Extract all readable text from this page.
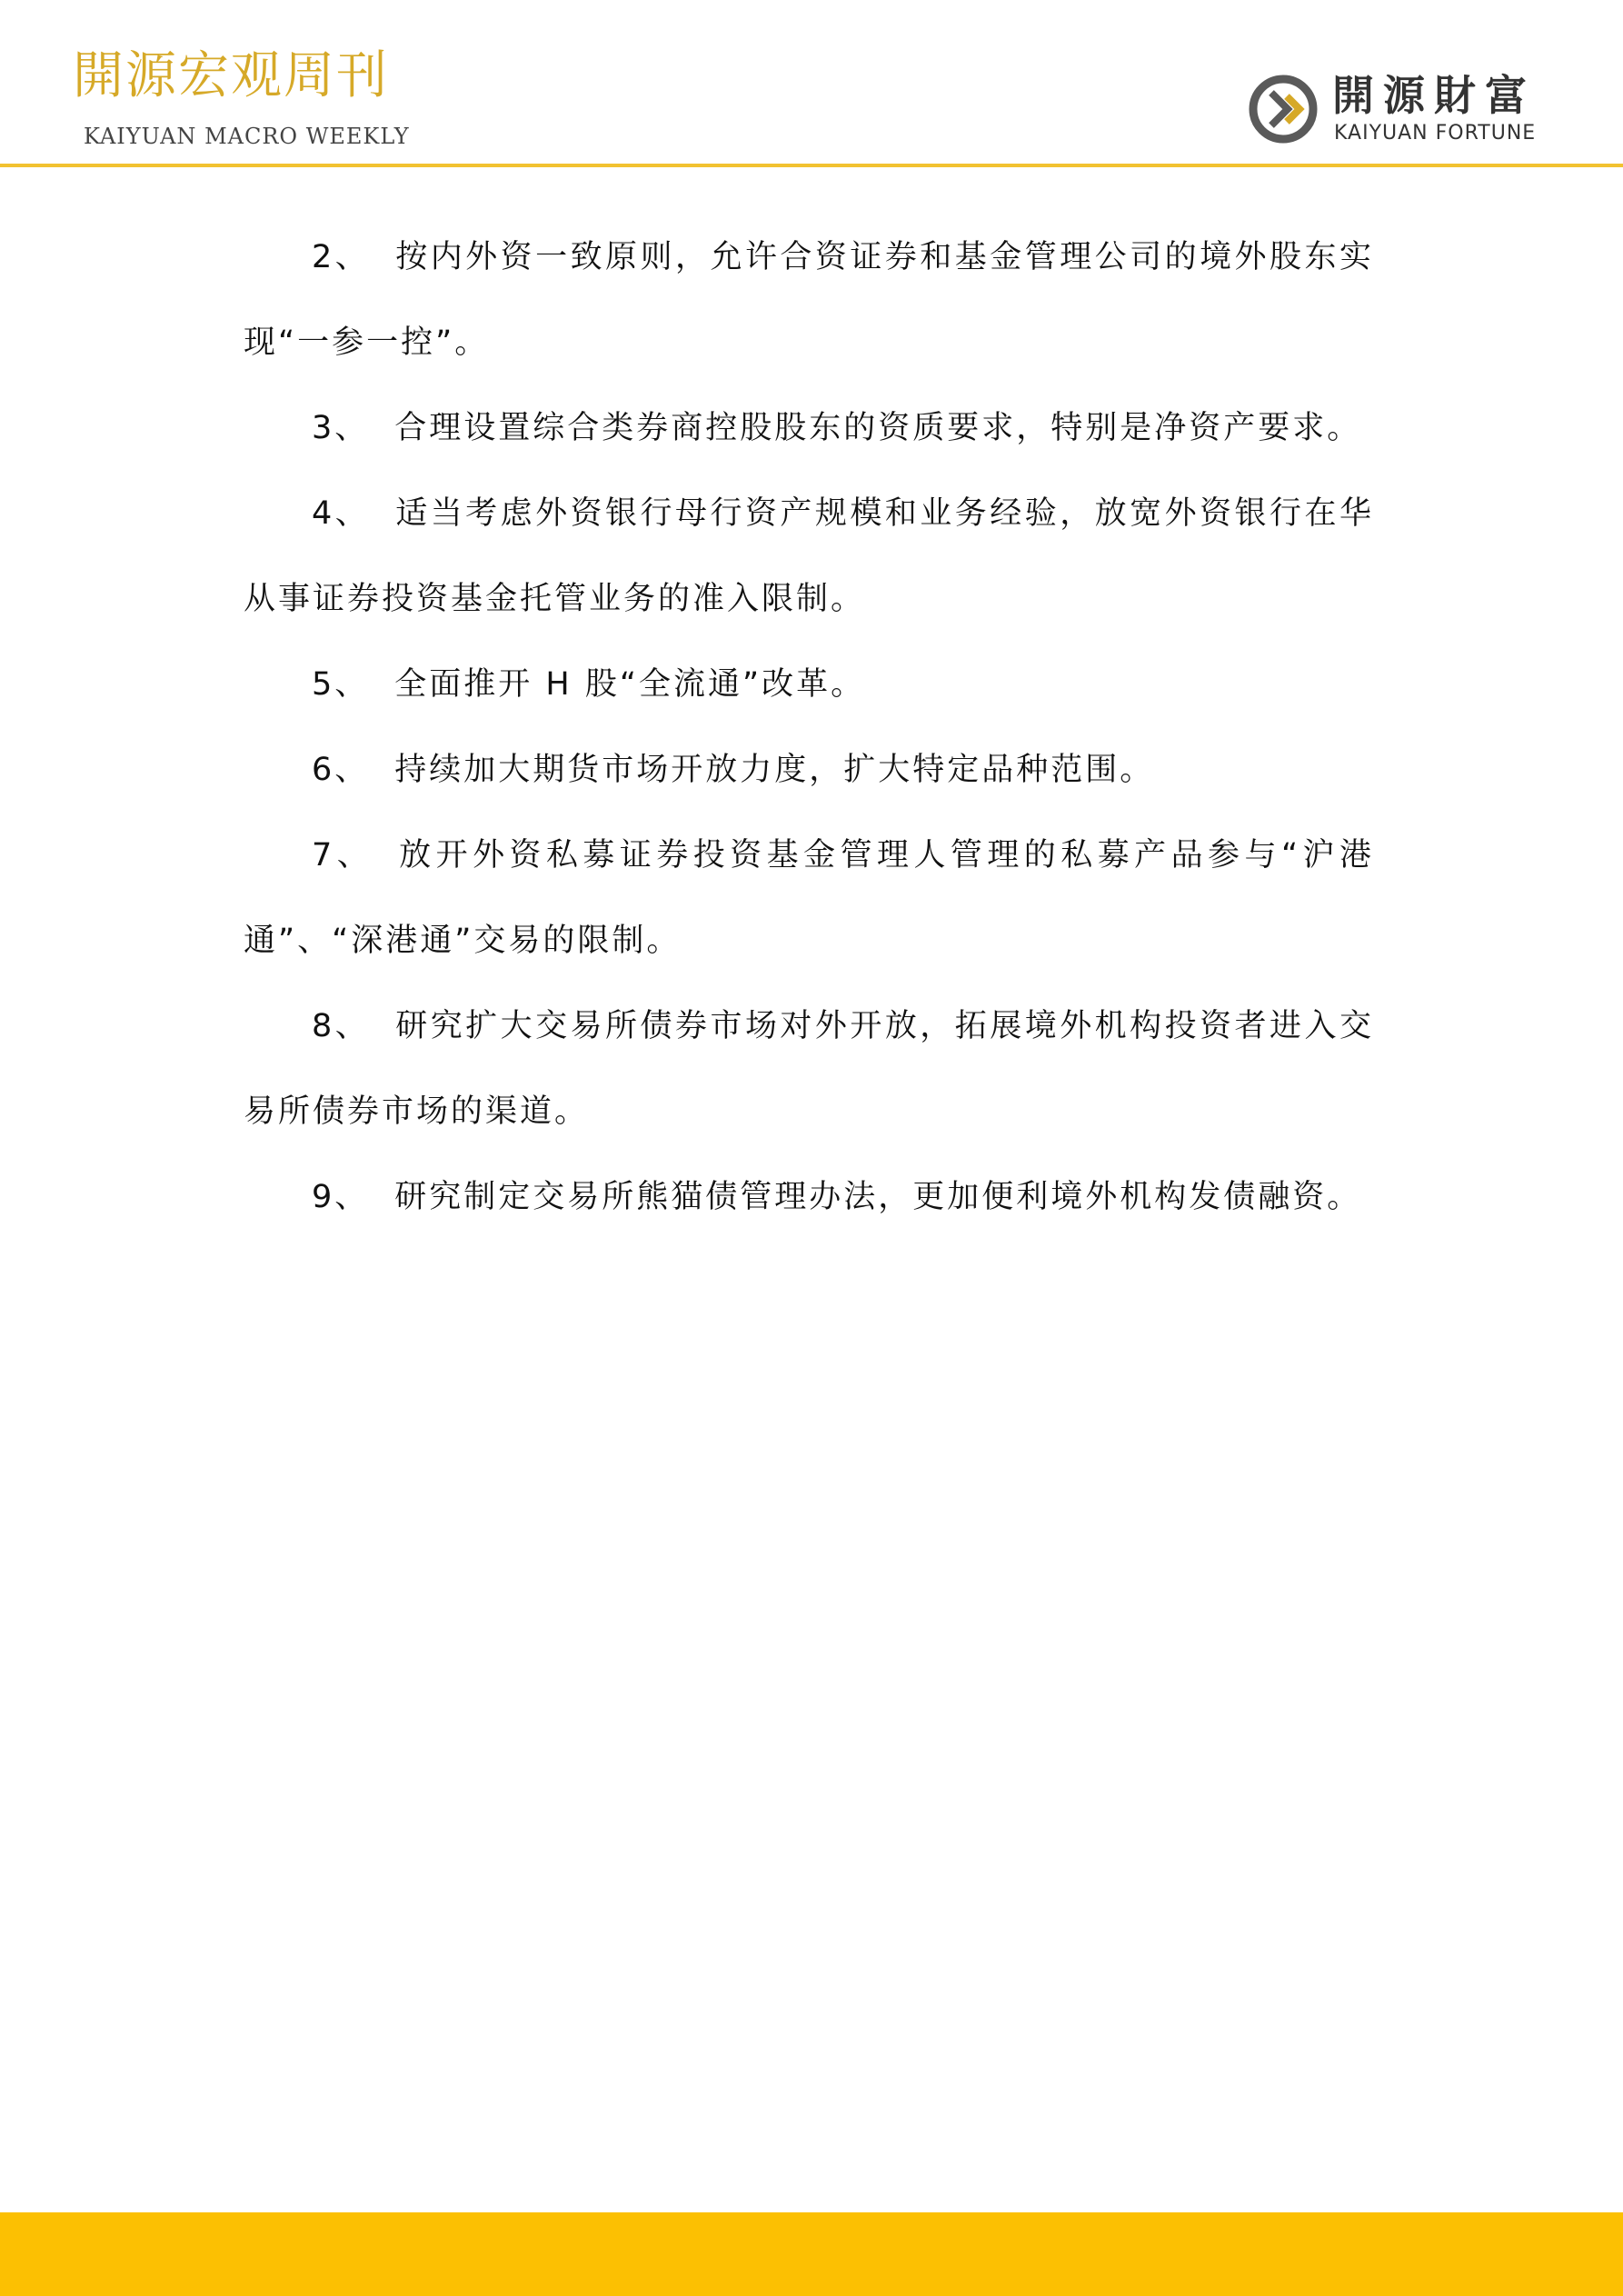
開源宏观周刊
KAIYUAN MACRO WEEKLY
開源財富
KAIYUAN FORTUNE

2、 按内外资一致原则，允许合资证券和基金管理公司的境外股东实现“一参一控”。

3、 合理设置综合类券商控股股东的资质要求，特别是净资产要求。

4、 适当考虑外资银行母行资产规模和业务经验，放宽外资银行在华从事证券投资基金托管业务的准入限制。

5、 全面推开 H 股“全流通”改革。

6、 持续加大期货市场开放力度，扩大特定品种范围。

7、 放开外资私募证券投资基金管理人管理的私募产品参与“沪港通”、“深港通”交易的限制。

8、 研究扩大交易所债券市场对外开放，拓展境外机构投资者进入交易所债券市场的渠道。

9、 研究制定交易所熊猫债管理办法，更加便利境外机构发债融资。
